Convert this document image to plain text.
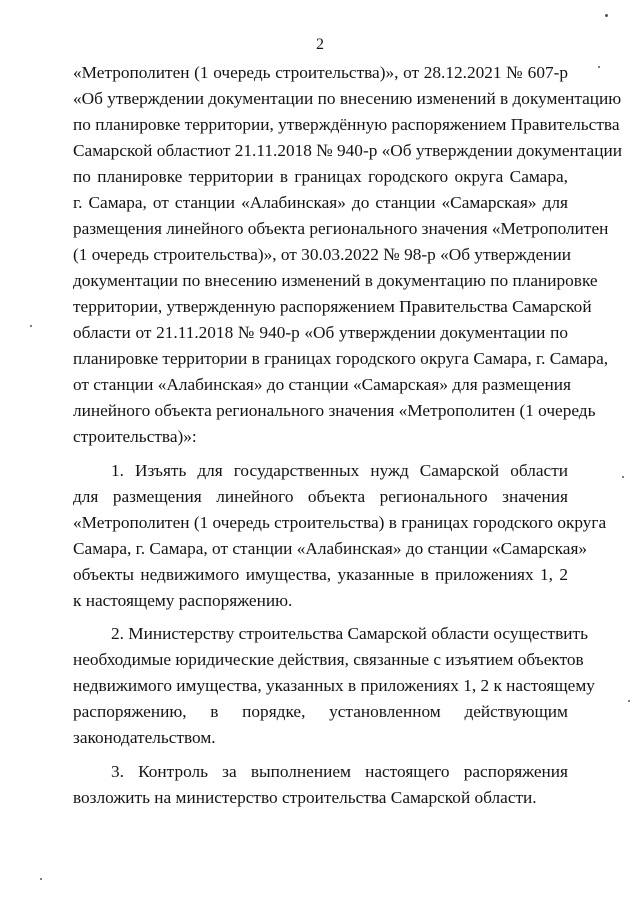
2
«Метрополитен (1 очередь строительства)», от 28.12.2021 № 607-р
«Об утверждении документации по внесению изменений в документацию
по планировке территории, утверждённую распоряжением Правительства
Самарской областиот 21.11.2018 № 940-р «Об утверждении документации
по планировке территории в границах городского округа Самара,
г. Самара, от станции «Алабинская» до станции «Самарская» для
размещения линейного объекта регионального значения «Метрополитен
(1 очередь строительства)», от 30.03.2022 № 98-р «Об утверждении
документации по внесению изменений в документацию по планировке
территории, утвержденную распоряжением Правительства Самарской
области от 21.11.2018 № 940-р «Об утверждении документации по
планировке территории в границах городского округа Самара, г. Самара,
от станции «Алабинская» до станции «Самарская» для размещения
линейного объекта регионального значения «Метрополитен (1 очередь
строительства)»:
1. Изъять для государственных нужд Самарской области
для размещения линейного объекта регионального значения
«Метрополитен (1 очередь строительства) в границах городского округа
Самара, г. Самара, от станции «Алабинская» до станции «Самарская»
объекты недвижимого имущества, указанные в приложениях 1, 2
к настоящему распоряжению.
2. Министерству строительства Самарской области осуществить
необходимые юридические действия, связанные с изъятием объектов
недвижимого имущества, указанных в приложениях 1, 2 к настоящему
распоряжению, в порядке, установленном действующим
законодательством.
3. Контроль за выполнением настоящего распоряжения
возложить на министерство строительства Самарской области.
